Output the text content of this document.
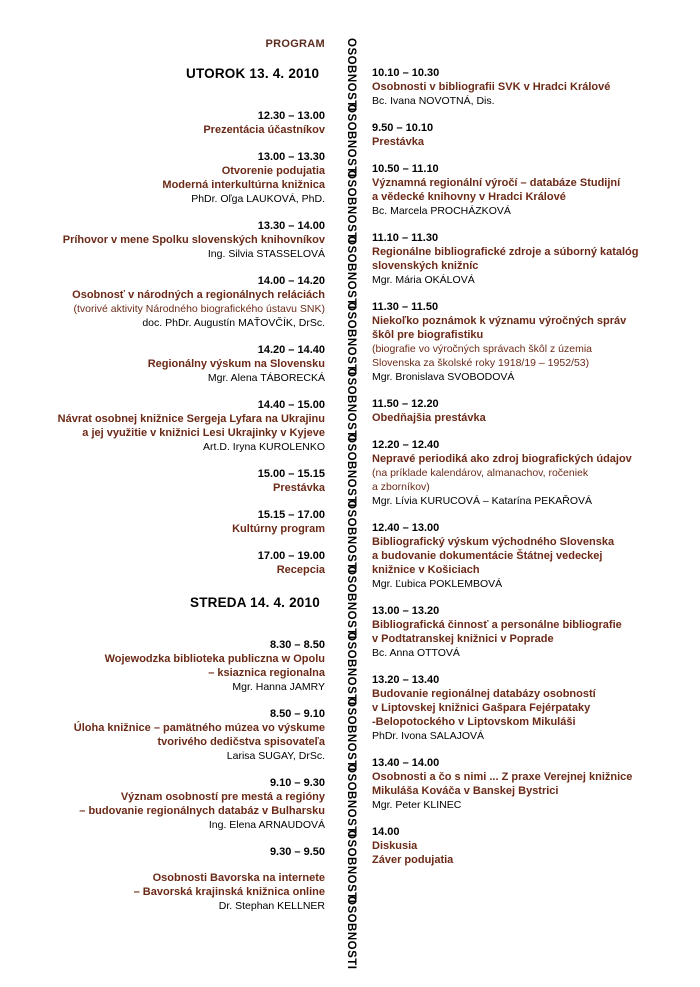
PROGRAM
UTOROK 13. 4. 2010
12.30 – 13.00
Prezentácia účastníkov
13.00 – 13.30
Otvorenie podujatia
Moderná interkultúrna knižnica
PhDr. Oľga LAUKOVÁ, PhD.
13.30 – 14.00
Príhovor v mene Spolku slovenských knihovníkov
Ing. Silvia STASSELOVÁ
14.00 – 14.20
Osobnosť v národných a regionálnych reláciách
(tvorivé aktivity Národného biografického ústavu SNK)
doc. PhDr. Augustín MAŤOVČÍK, DrSc.
14.20 – 14.40
Regionálny výskum na Slovensku
Mgr. Alena TÁBORECKÁ
14.40 – 15.00
Návrat osobnej knižnice Sergeja Lyfara na Ukrajinu
a jej využitie v knižnici Lesi Ukrajinky v Kyjeve
Art.D. Iryna KUROLENKO
15.00 – 15.15
Prestávka
15.15 – 17.00
Kultúrny program
17.00 – 19.00
Recepcia
STREDA 14. 4. 2010
8.30 – 8.50
Wojewodzka biblioteka publiczna w Opolu
– ksiaznica regionalna
Mgr. Hanna JAMRY
8.50 – 9.10
Úloha knižnice – pamätného múzea vo výskume
tvorivého dedičstva spisovateľa
Larisa SUGAY, DrSc.
9.10 – 9.30
Význam osobností pre mestá a regióny
– budovanie regionálnych databáz v Bulharsku
Ing. Elena ARNAUDOVÁ
9.30 – 9.50
Osobnosti Bavorska na internete
– Bavorská krajinská knižnica online
Dr. Stephan KELLNER
OSOBNOSTI
OSOBNOSTI
OSOBNOSTI
OSOBNOSTI
OSOBNOSTI
OSOBNOSTI
OSOBNOSTI
OSOBNOSTI
OSOBNOSTI
OSOBNOSTI
OSOBNOSTI
OSOBNOSTI
OSOBNOSTI
OSOBNOSTI
10.10 – 10.30
Osobnosti v bibliografii SVK v Hradci Králové
Bc. Ivana NOVOTNÁ, Dis.
9.50 – 10.10
Prestávka
10.50 – 11.10
Významná regionální výročí – databáze Studijní
a vědecké knihovny v Hradci Králové
Bc. Marcela PROCHÁZKOVÁ
11.10 – 11.30
Regionálne bibliografické zdroje a súborný katalóg
slovenských knižníc
Mgr. Mária OKÁLOVÁ
11.30 – 11.50
Niekoľko poznámok k významu výročných správ
škôl pre biografistiku
(biografie vo výročných správach škôl z územia
Slovenska za školské roky 1918/19 – 1952/53)
Mgr. Bronislava SVOBODOVÁ
11.50 – 12.20
Obedňajšia prestávka
12.20 – 12.40
Nepravé periodiká ako zdroj biografických údajov
(na príklade kalendárov, almanachov, ročeniek
a zborníkov)
Mgr. Lívia KURUCOVÁ – Katarína PEKAŘOVÁ
12.40 – 13.00
Bibliografický výskum východného Slovenska
a budovanie dokumentácie Štátnej vedeckej
knižnice v Košiciach
Mgr. Ľubica POKLEMBOVÁ
13.00 – 13.20
Bibliografická činnosť a personálne bibliografie
v Podtatranskej knižnici v Poprade
Bc. Anna OTTOVÁ
13.20 – 13.40
Budovanie regionálnej databázy osobností
v Liptovskej knižnici Gašpara Fejérpataky
-Belopotockého v Liptovskom Mikuláši
PhDr. Ivona SALAJOVÁ
13.40 – 14.00
Osobnosti a čo s nimi ... Z praxe Verejnej knižnice
Mikuláša Kováča v Banskej Bystrici
Mgr. Peter KLINEC
14.00
Diskusia
Záver podujatia
